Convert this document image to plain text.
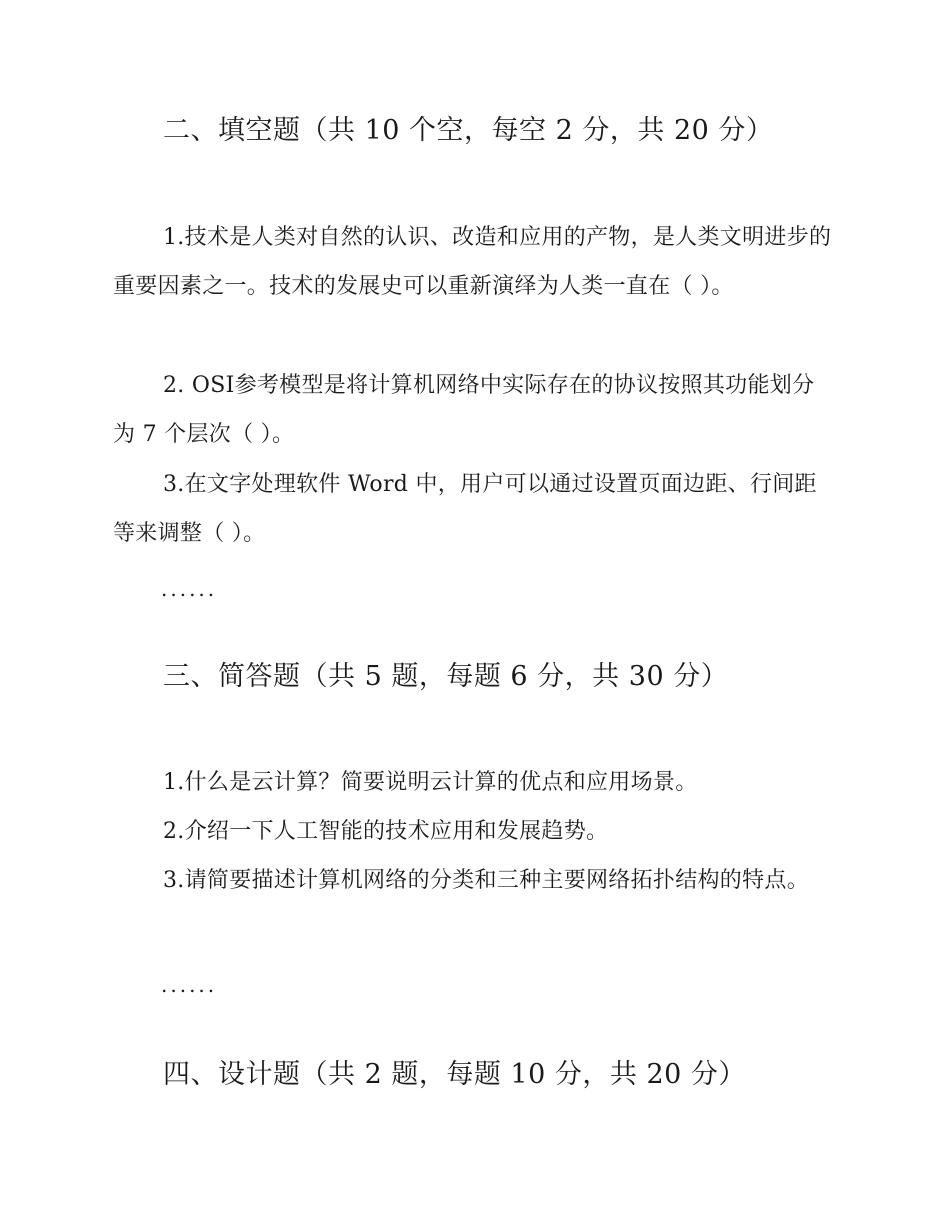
二、填空题（共 10 个空，每空 2 分，共 20 分）

1.技术是人类对自然的认识、改造和应用的产物，是人类文明进步的重要因素之一。技术的发展史可以重新演绎为人类一直在（ ）。

2. OSI参考模型是将计算机网络中实际存在的协议按照其功能划分为 7 个层次（ ）。

3.在文字处理软件 Word 中，用户可以通过设置页面边距、行间距等来调整（ ）。

......
三、简答题（共 5 题，每题 6 分，共 30 分）

1.什么是云计算？简要说明云计算的优点和应用场景。

2.介绍一下人工智能的技术应用和发展趋势。

3.请简要描述计算机网络的分类和三种主要网络拓扑结构的特点。

......
四、设计题（共 2 题，每题 10 分，共 20 分）
